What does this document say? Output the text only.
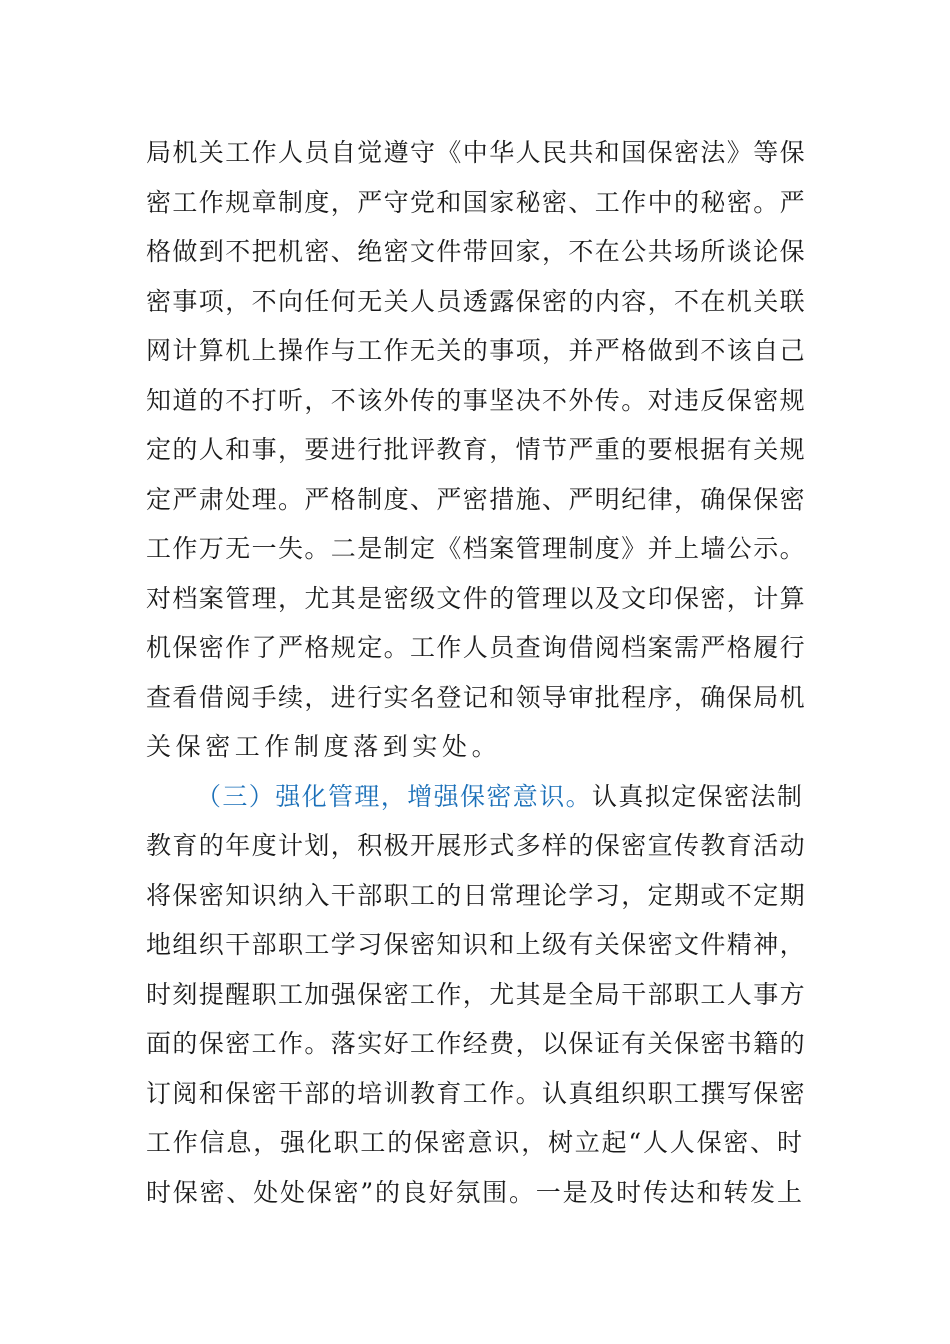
局机关工作人员自觉遵守《中华人民共和国保密法》等保
密工作规章制度，严守党和国家秘密、工作中的秘密。严
格做到不把机密、绝密文件带回家，不在公共场所谈论保
密事项，不向任何无关人员透露保密的内容，不在机关联
网计算机上操作与工作无关的事项，并严格做到不该自己
知道的不打听，不该外传的事坚决不外传。对违反保密规
定的人和事，要进行批评教育，情节严重的要根据有关规
定严肃处理。严格制度、严密措施、严明纪律，确保保密
工作万无一失。二是制定《档案管理制度》并上墙公示。
对档案管理，尤其是密级文件的管理以及文印保密，计算
机保密作了严格规定。工作人员查询借阅档案需严格履行
查看借阅手续，进行实名登记和领导审批程序，确保局机
关保密工作制度落到实处。
（三）强化管理，增强保密意识。认真拟定保密法制
教育的年度计划，积极开展形式多样的保密宣传教育活动
将保密知识纳入干部职工的日常理论学习，定期或不定期
地组织干部职工学习保密知识和上级有关保密文件精神，
时刻提醒职工加强保密工作，尤其是全局干部职工人事方
面的保密工作。落实好工作经费，以保证有关保密书籍的
订阅和保密干部的培训教育工作。认真组织职工撰写保密
工作信息，强化职工的保密意识，树立起“人人保密、时
时保密、处处保密”的良好氛围。一是及时传达和转发上
